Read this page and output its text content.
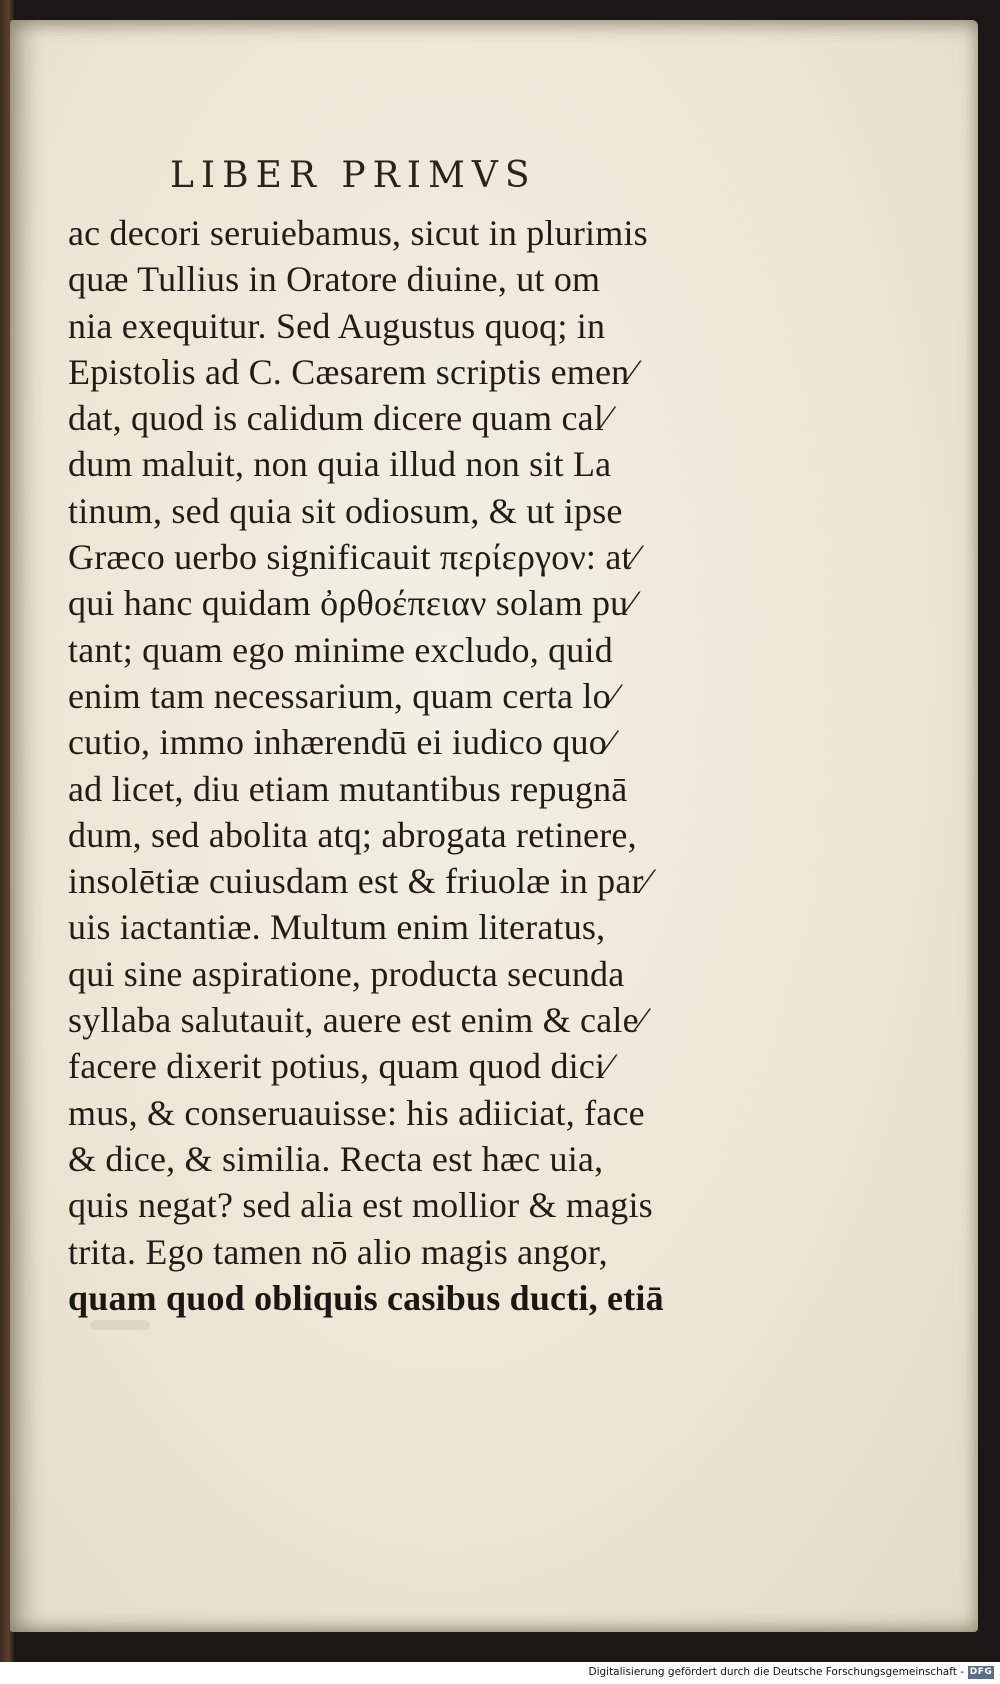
LIBER PRIMVS
ac decori seruiebamus, sicut in plurimis
quæ Tullius in Oratore diuine, ut om
nia exequitur. Sed Augustus quoq; in
Epistolis ad C. Cæsarem scriptis emen⁄
dat, quod is calidum dicere quam cal⁄
dum maluit, non quia illud non sit La
tinum, sed quia sit odiosum, & ut ipse
Græco uerbo significauit περίεργον: at⁄
qui hanc quidam ὀρθοέπειαν solam pu⁄
tant; quam ego minime excludo, quid
enim tam necessarium, quam certa lo⁄
cutio, immo inhærendū ei iudico quo⁄
ad licet, diu etiam mutantibus repugnā
dum, sed abolita atq; abrogata retinere,
insolētiæ cuiusdam est & friuolæ in par⁄
uis iactantiæ. Multum enim literatus,
qui sine aspiratione, producta secunda
syllaba salutauit, auere est enim & cale⁄
facere dixerit potius, quam quod dici⁄
mus, & conseruauisse: his adiiciat, face
& dice, & similia. Recta est hæc uia,
quis negat? sed alia est mollior & magis
trita. Ego tamen nō alio magis angor,
quam quod obliquis casibus ducti, etiā
Digitalisierung gefördert durch die Deutsche Forschungsgemeinschaft - DFG
